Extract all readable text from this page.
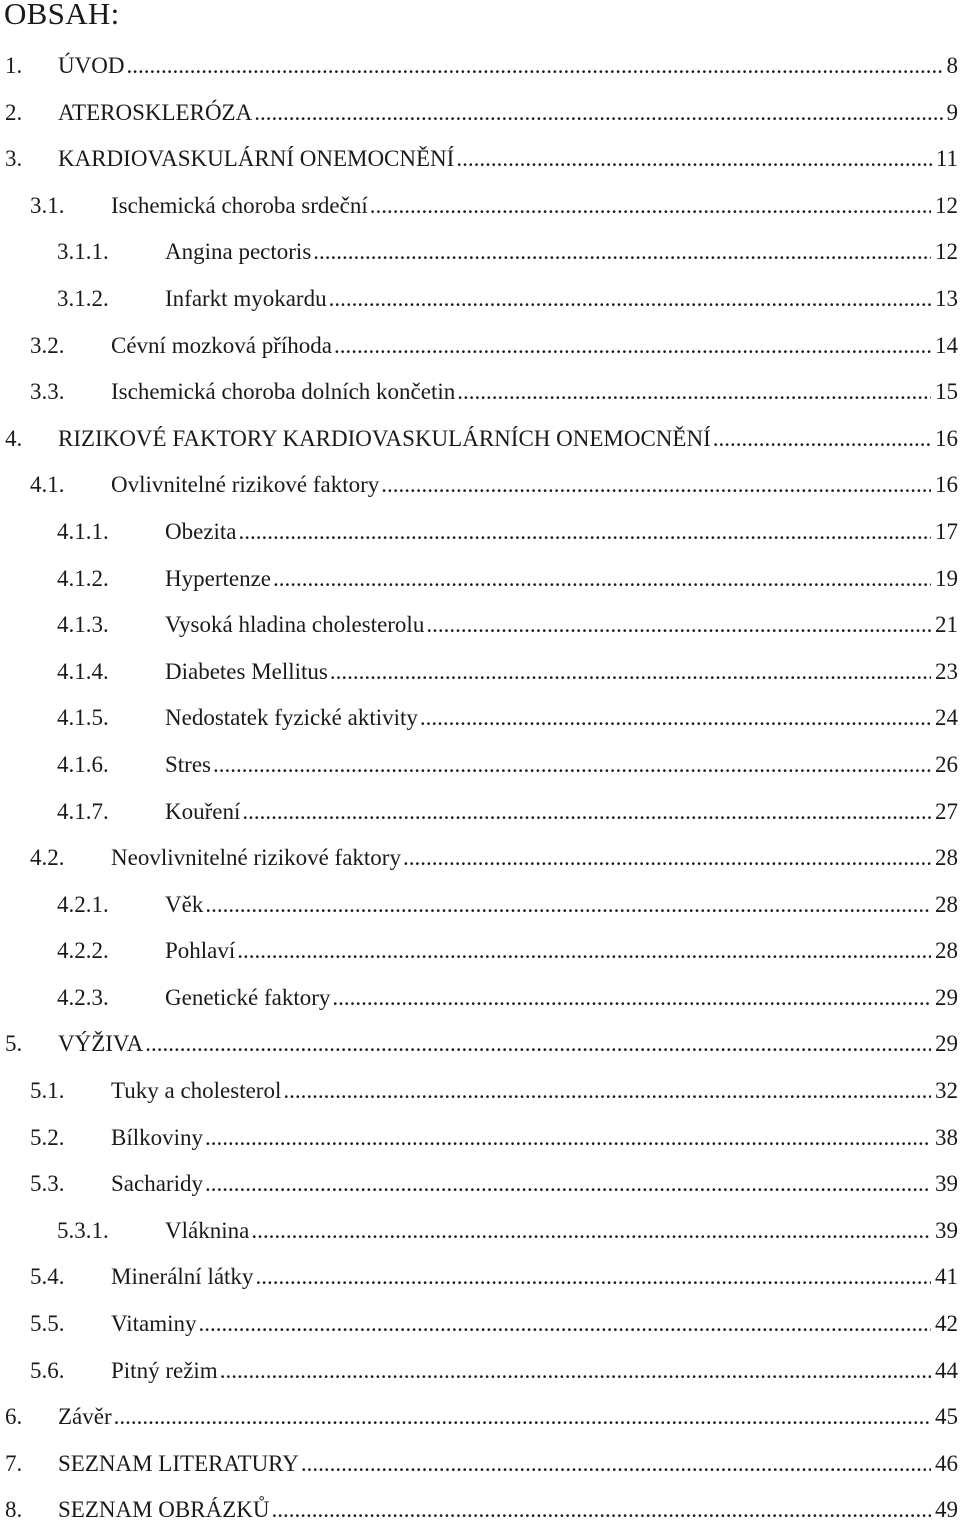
OBSAH:
1.	ÚVOD .....	8
2.	ATEROSKLERÓZA .....	9
3.	KARDIOVASKULÁRNÍ ONEMOCNĚNÍ .....	11
3.1.	Ischemická choroba srdeční .....	12
3.1.1.	Angina pectoris .....	12
3.1.2.	Infarkt myokardu .....	13
3.2.	Cévní mozková příhoda .....	14
3.3.	Ischemická choroba dolních končetin .....	15
4.	RIZIKOVÉ FAKTORY KARDIOVASKULÁRNÍCH ONEMOCNĚNÍ .....	16
4.1.	Ovlivnitelné rizikové faktory .....	16
4.1.1.	Obezita .....	17
4.1.2.	Hypertenze .....	19
4.1.3.	Vysoká hladina cholesterolu .....	21
4.1.4.	Diabetes Mellitus .....	23
4.1.5.	Nedostatek fyzické aktivity .....	24
4.1.6.	Stres .....	26
4.1.7.	Kouření .....	27
4.2.	Neovlivnitelné rizikové faktory .....	28
4.2.1.	Věk .....	28
4.2.2.	Pohlaví .....	28
4.2.3.	Genetické faktory .....	29
5.	VÝŽIVA .....	29
5.1.	Tuky a cholesterol .....	32
5.2.	Bílkoviny .....	38
5.3.	Sacharidy .....	39
5.3.1.	Vláknina .....	39
5.4.	Minerální látky .....	41
5.5.	Vitaminy .....	42
5.6.	Pitný režim .....	44
6.	Závěr .....	45
7.	SEZNAM LITERATURY .....	46
8.	SEZNAM OBRÁZKŮ .....	49
